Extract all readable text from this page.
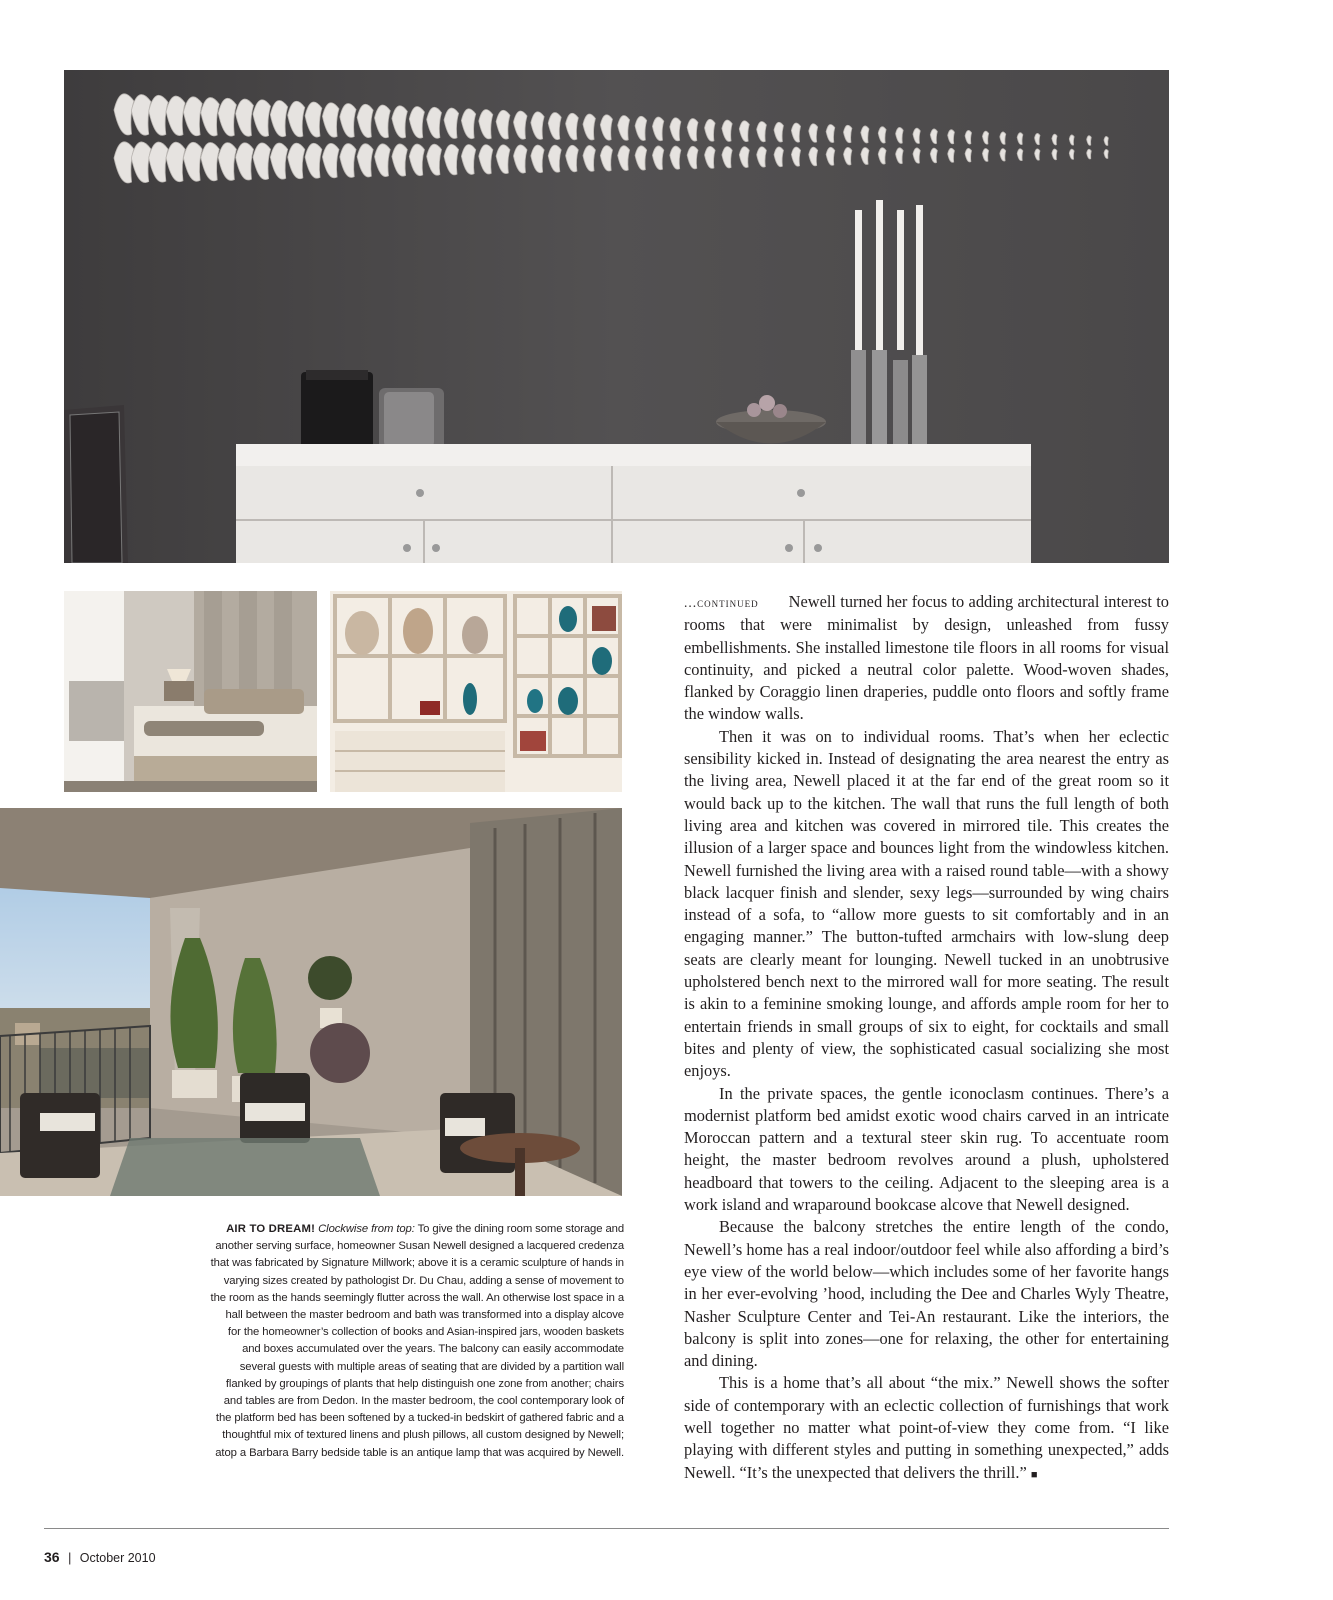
AIR TO DREAM! Clockwise from top: To give the dining room some storage and another serving surface, homeowner Susan Newell designed a lacquered credenza that was fabricated by Signature Millwork; above it is a ceramic sculpture of hands in varying sizes created by pathologist Dr. Du Chau, adding a sense of movement to the room as the hands seemingly flutter across the wall. An otherwise lost space in a hall between the master bedroom and bath was transformed into a display alcove for the homeowner’s collection of books and Asian-inspired jars, wooden baskets and boxes accumulated over the years. The balcony can easily accommodate several guests with multiple areas of seating that are divided by a partition wall flanked by groupings of plants that help distinguish one zone from another; chairs and tables are from Dedon. In the master bedroom, the cool contemporary look of the platform bed has been softened by a tucked-in bedskirt of gathered fabric and a thoughtful mix of textured linens and plush pillows, all custom designed by Newell; atop a Barbara Barry bedside table is an antique lamp that was acquired by Newell.

...continued Newell turned her focus to adding architectural interest to rooms that were minimalist by design, unleashed from fussy embellishments. She installed limestone tile floors in all rooms for visual continuity, and picked a neutral color palette. Wood-woven shades, flanked by Coraggio linen draperies, puddle onto floors and softly frame the window walls.

Then it was on to individual rooms. That’s when her eclectic sensibility kicked in. Instead of designating the area nearest the entry as the living area, Newell placed it at the far end of the great room so it would back up to the kitchen. The wall that runs the full length of both living area and kitchen was covered in mirrored tile. This creates the illusion of a larger space and bounces light from the windowless kitchen. Newell furnished the living area with a raised round table—with a showy black lacquer finish and slender, sexy legs—surrounded by wing chairs instead of a sofa, to “allow more guests to sit comfortably and in an engaging manner.” The button-tufted armchairs with low-slung deep seats are clearly meant for lounging. Newell tucked in an unobtrusive upholstered bench next to the mirrored wall for more seating. The result is akin to a feminine smoking lounge, and affords ample room for her to entertain friends in small groups of six to eight, for cocktails and small bites and plenty of view, the sophisticated casual socializing she most enjoys.

In the private spaces, the gentle iconoclasm continues. There’s a modernist platform bed amidst exotic wood chairs carved in an intricate Moroccan pattern and a textural steer skin rug. To accentuate room height, the master bedroom revolves around a plush, upholstered headboard that towers to the ceiling. Adjacent to the sleeping area is a work island and wraparound bookcase alcove that Newell designed.

Because the balcony stretches the entire length of the condo, Newell’s home has a real indoor/outdoor feel while also affording a bird’s eye view of the world below—which includes some of her favorite hangs in her ever-evolving ’hood, including the Dee and Charles Wyly Theatre, Nasher Sculpture Center and Tei-An restaurant. Like the interiors, the balcony is split into zones—one for relaxing, the other for entertaining and dining.

This is a home that’s all about “the mix.” Newell shows the softer side of contemporary with an eclectic collection of furnishings that work well together no matter what point-of-view they come from. “I like playing with different styles and putting in something unexpected,” adds Newell. “It’s the unexpected that delivers the thrill.” ■

36 | October 2010
